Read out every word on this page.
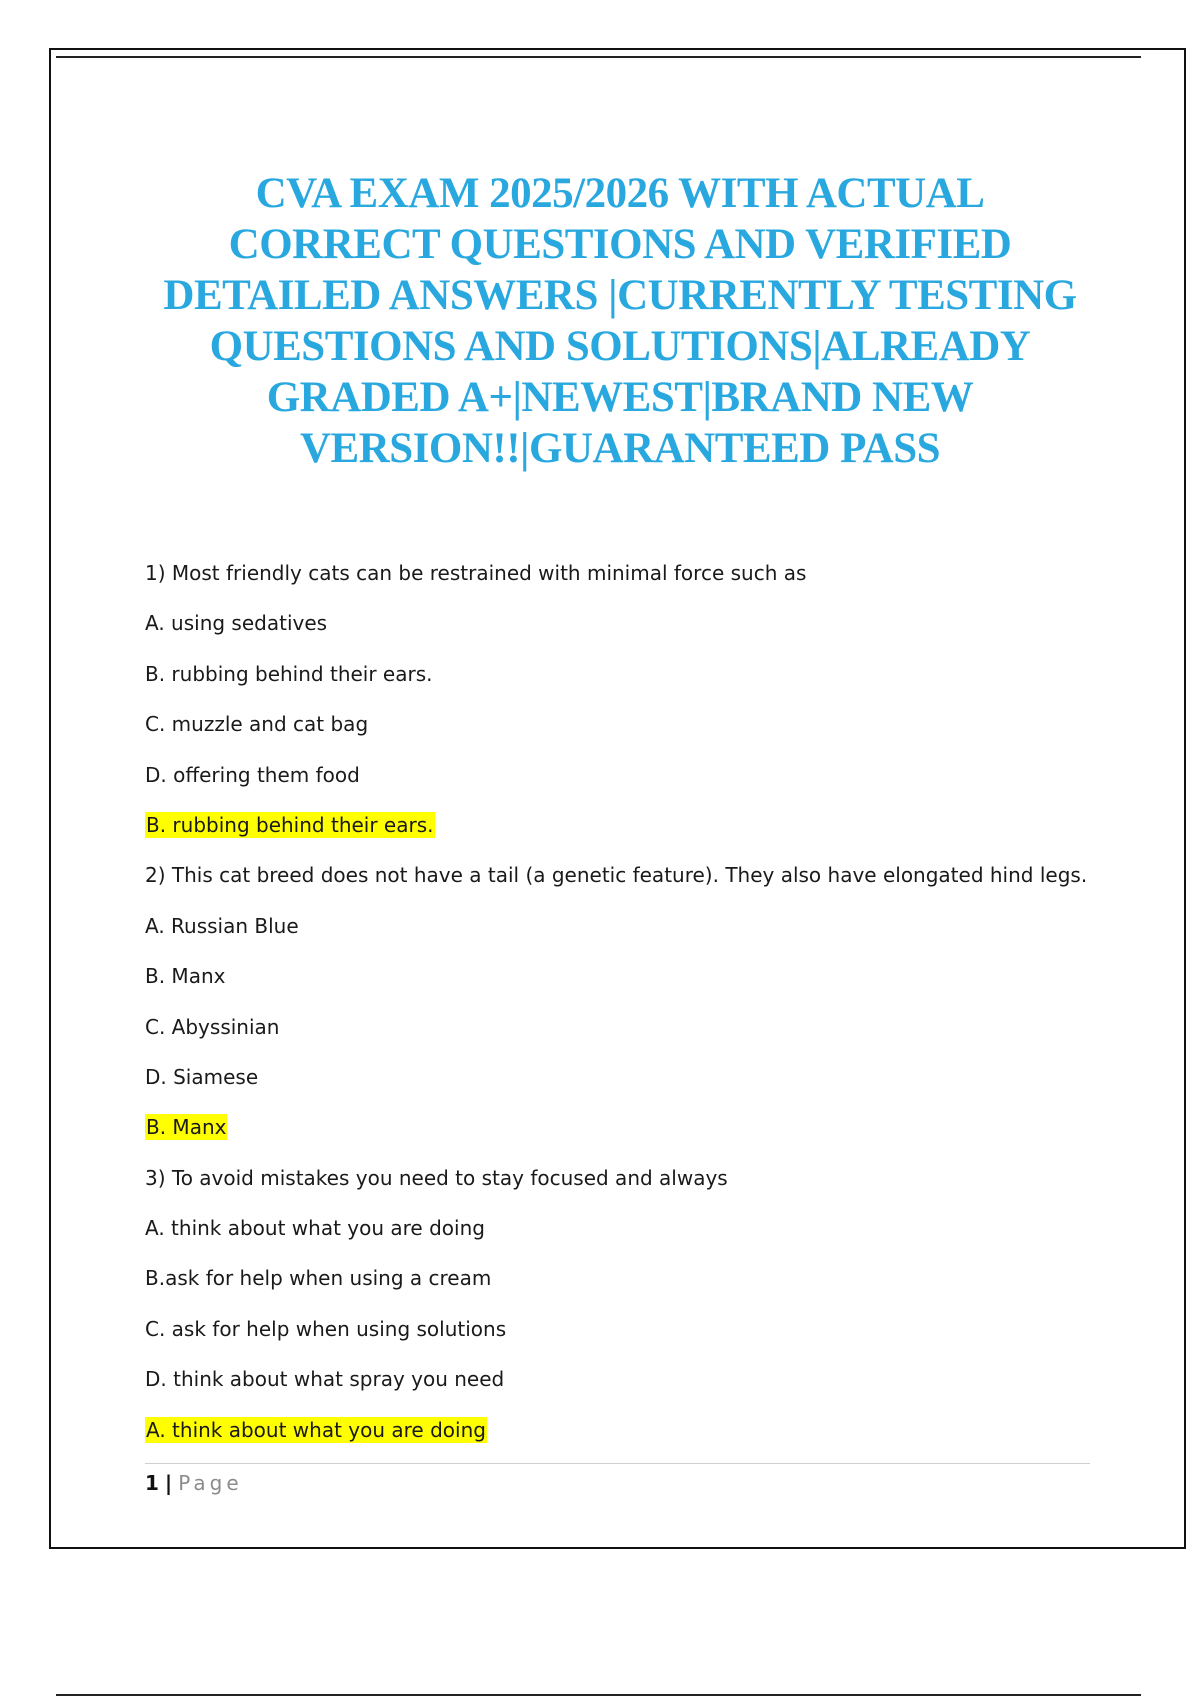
CVA EXAM 2025/2026 WITH ACTUAL
CORRECT QUESTIONS AND VERIFIED
DETAILED ANSWERS |CURRENTLY TESTING
QUESTIONS AND SOLUTIONS|ALREADY
GRADED A+|NEWEST|BRAND NEW
VERSION!!|GUARANTEED PASS
1) Most friendly cats can be restrained with minimal force such as
A. using sedatives
B. rubbing behind their ears.
C. muzzle and cat bag
D. offering them food
B. rubbing behind their ears.
2) This cat breed does not have a tail (a genetic feature). They also have elongated hind legs.
A. Russian Blue
B. Manx
C. Abyssinian
D. Siamese
B. Manx
3) To avoid mistakes you need to stay focused and always
A. think about what you are doing
B.ask for help when using a cream
C. ask for help when using solutions
D. think about what spray you need
A. think about what you are doing
1 | Page
